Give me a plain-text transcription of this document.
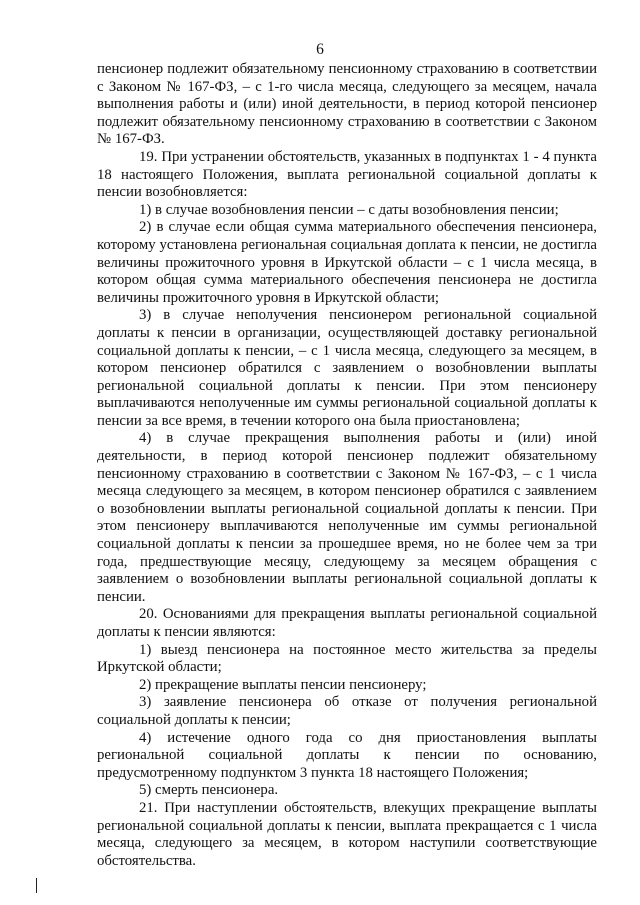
6

пенсионер подлежит обязательному пенсионному страхованию в соответствии с Законом № 167-ФЗ, – с 1-го числа месяца, следующего за месяцем, начала выполнения работы и (или) иной деятельности, в период которой пенсионер подлежит обязательному пенсионному страхованию в соответствии с Законом № 167-ФЗ.

19. При устранении обстоятельств, указанных в подпунктах 1 - 4 пункта 18 настоящего Положения, выплата региональной социальной доплаты к пенсии возобновляется:

1) в случае возобновления пенсии – с даты возобновления пенсии;

2) в случае если общая сумма материального обеспечения пенсионера, которому установлена региональная социальная доплата к пенсии, не достигла величины прожиточного уровня в Иркутской области – с 1 числа месяца, в котором общая сумма материального обеспечения пенсионера не достигла величины прожиточного уровня в Иркутской области;

3) в случае неполучения пенсионером региональной социальной доплаты к пенсии в организации, осуществляющей доставку региональной социальной доплаты к пенсии, – с 1 числа месяца, следующего за месяцем, в котором пенсионер обратился с заявлением о возобновлении выплаты региональной социальной доплаты к пенсии. При этом пенсионеру выплачиваются неполученные им суммы региональной социальной доплаты к пенсии за все время, в течении которого она была приостановлена;

4) в случае прекращения выполнения работы и (или) иной деятельности, в период которой пенсионер подлежит обязательному пенсионному страхованию в соответствии с Законом № 167-ФЗ, – с 1 числа месяца следующего за месяцем, в котором пенсионер обратился с заявлением о возобновлении выплаты региональной социальной доплаты к пенсии. При этом пенсионеру выплачиваются неполученные им суммы региональной социальной доплаты к пенсии за прошедшее время, но не более чем за три года, предшествующие месяцу, следующему за месяцем обращения с заявлением о возобновлении выплаты региональной социальной доплаты к пенсии.

20. Основаниями для прекращения выплаты региональной социальной доплаты к пенсии являются:

1) выезд пенсионера на постоянное место жительства за пределы Иркутской области;

2) прекращение выплаты пенсии пенсионеру;

3) заявление пенсионера об отказе от получения региональной социальной доплаты к пенсии;

4) истечение одного года со дня приостановления выплаты региональной социальной доплаты к пенсии по основанию, предусмотренному подпунктом 3 пункта 18 настоящего Положения;

5) смерть пенсионера.

21. При наступлении обстоятельств, влекущих прекращение выплаты региональной социальной доплаты к пенсии, выплата прекращается с 1 числа месяца, следующего за месяцем, в котором наступили соответствующие обстоятельства.
